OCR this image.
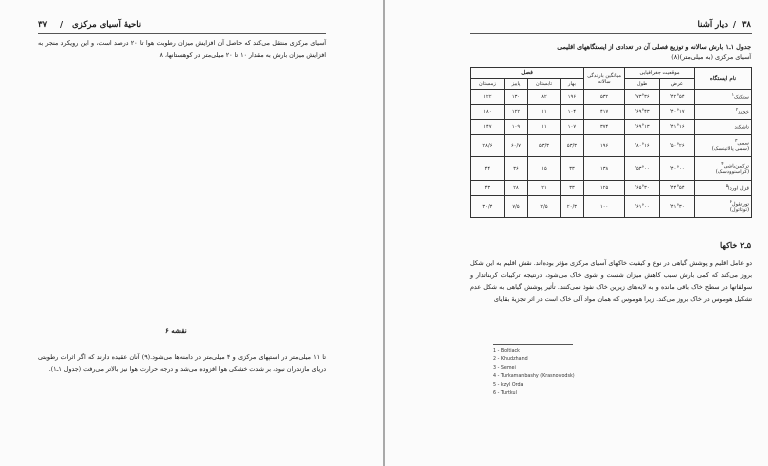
ناحیهٔ آسیای مرکزی
/
۳۷

آسیای مرکزی منتقل می‌کند که حاصل آن افزایش میزان رطوبت هوا تا ۲۰ درصد است، و این رویکرد منجر به افزایش میزان بارش به مقدار ۱۰ تا ۲۰ میلی‌متر در کوهستانها، ۸

نقشه ۶

تا ۱۱ میلی‌متر در استپهای مرکزی و ۴ میلی‌متر در دامنه‌ها می‌شود.(۹) آنان عقیده دارند که اگر اثرات رطوبتی دریای مازندران نبود، بر شدت خشکی هوا افزوده می‌شد و درجه حرارت هوا نیز بالاتر می‌رفت (جدول ۱ـ۱).

۳۸
/
دیار آشنا
جدول ۱ـ۱ بارش سالانه و توزیع فصلی آن در تعدادی از ایستگاههای اقلیمی
آسیای مرکزی (به میلی‌متر)(۸)
نام ایستگاه	موقعیت جغرافیایی		میانگین بارندگی سالانه	فصل			
	عرض	طول		بهار	تابستان	پاییز	زمستان
ستکنک$^۱$	۴۲°۵۴'	۷۳°۳۶'	۵۳۲	۱۹۶	۸۲	۱۳۰	۱۲۲
خجند$^۲$	۴۰°۱۷'	۶۹°۴۳'	۴۱۷	۱۰۴	۱۱	۱۲۲	۱۸۰
تاشکند	۴۱°۱۶'	۶۹°۱۳'	۳۷۴	۱۰۷	۱۱	۱۰۹	۱۴۷
سمی$^۳$
(سمی پالاتینسک)	۵۰°۲۶'	۸۰°۱۶'	۱۹۶	۵۳/۳	۵۳/۳	۶۰/۷	۲۸/۶
ترکمن‌باشی$^۴$
(کراسنوودسک)	۴۰°۰۰'	۵۳°۰۰'	۱۳۸	۳۳	۱۵	۳۶	۴۴
قزل اوردا$^۵$	۴۴°۵۴'	۶۵°۳۰'	۱۲۵	۳۳	۲۱	۲۸	۴۳
تورتقول$^۶$
(توتاتول)	۴۱°۳۰'	۶۱°۰۰'	۱۰۰	۲۰/۳	۲/۵	۷/۵	۳۰/۴
۵ـ۲ خاکها

دو عامل اقلیم و پوشش گیاهی در نوع و کیفیت خاکهای آسیای مرکزی مؤثر بوده‌اند. نقش اقلیم به این شکل بروز می‌کند که کمی بارش سبب کاهش میزان شست و شوی خاک می‌شود، درنتیجه ترکیبات کربناتدار و سولفاتها در سطح خاک باقی مانده و به لایه‌های زیرین خاک نفوذ نمی‌کنند. تأثیر پوشش گیاهی به شکل عدم تشکیل هوموس در خاک بروز می‌کند. زیرا هوموس که همان مواد آلی خاک است در اثر تجزیهٔ بقایای

1 - Boltiack
2 - Khudzhand
3 - Semei
4 - Turkamanbashy (Krasnovodsk)
5 - kzyl Orda
6 - Turtkul
